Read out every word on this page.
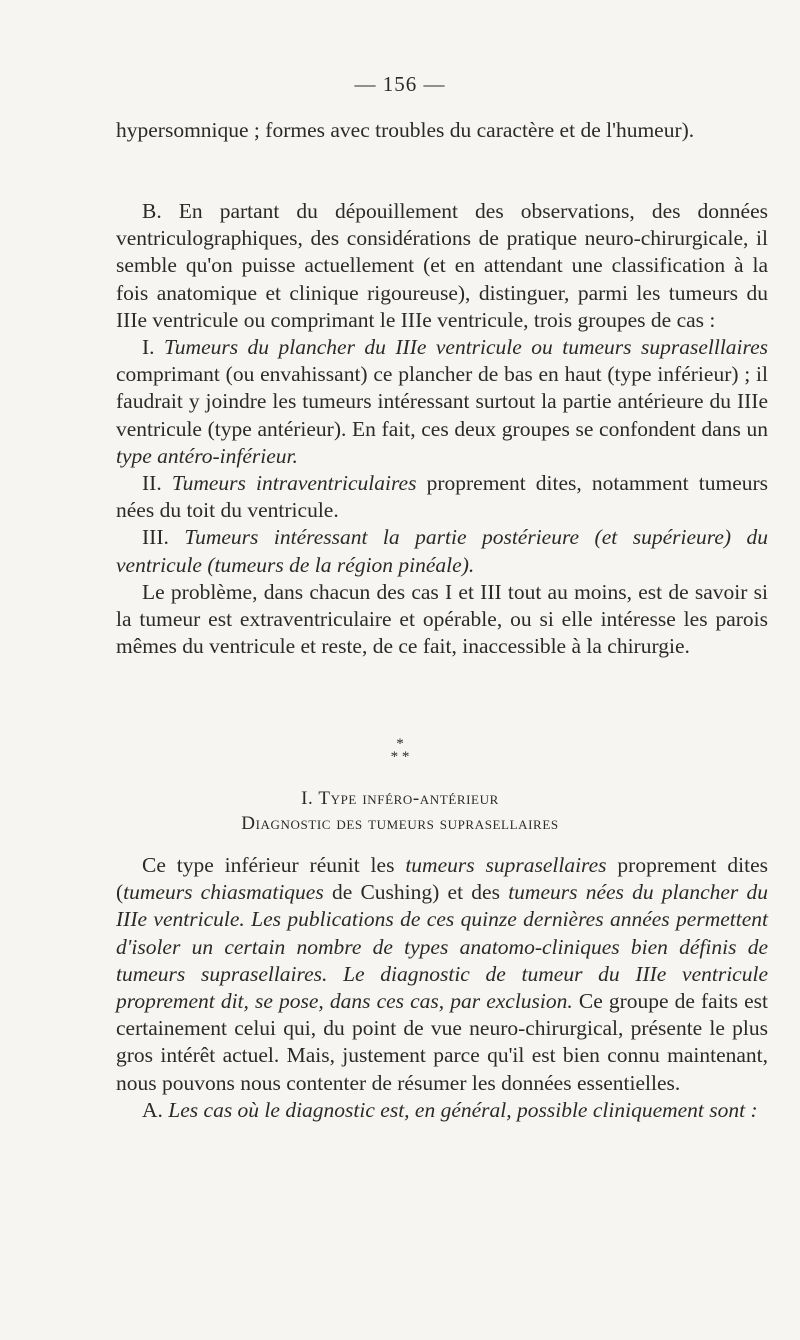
— 156 —

hypersomnique ; formes avec troubles du caractère et de l'humeur).

B. En partant du dépouillement des observations, des données ventriculographiques, des considérations de pratique neuro-chirurgicale, il semble qu'on puisse actuellement (et en attendant une classification à la fois anatomique et clinique rigoureuse), distinguer, parmi les tumeurs du IIIe ventricule ou comprimant le IIIe ventricule, trois groupes de cas :

I. Tumeurs du plancher du IIIe ventricule ou tumeurs supraselllaires comprimant (ou envahissant) ce plancher de bas en haut (type inférieur) ; il faudrait y joindre les tumeurs intéressant surtout la partie antérieure du IIIe ventricule (type antérieur). En fait, ces deux groupes se confondent dans un type antéro-inférieur.

II. Tumeurs intraventriculaires proprement dites, notamment tumeurs nées du toit du ventricule.

III. Tumeurs intéressant la partie postérieure (et supérieure) du ventricule (tumeurs de la région pinéale).

Le problème, dans chacun des cas I et III tout au moins, est de savoir si la tumeur est extraventriculaire et opérable, ou si elle intéresse les parois mêmes du ventricule et reste, de ce fait, inaccessible à la chirurgie.

*
* *
I. Type inféro-antérieur
Diagnostic des tumeurs suprasellaires

Ce type inférieur réunit les tumeurs suprasellaires proprement dites (tumeurs chiasmatiques de Cushing) et des tumeurs nées du plancher du IIIe ventricule. Les publications de ces quinze dernières années permettent d'isoler un certain nombre de types anatomo-cliniques bien définis de tumeurs suprasellaires. Le diagnostic de tumeur du IIIe ventricule proprement dit, se pose, dans ces cas, par exclusion. Ce groupe de faits est certainement celui qui, du point de vue neuro-chirurgical, présente le plus gros intérêt actuel. Mais, justement parce qu'il est bien connu maintenant, nous pouvons nous contenter de résumer les données essentielles.

A. Les cas où le diagnostic est, en général, possible cliniquement sont :
